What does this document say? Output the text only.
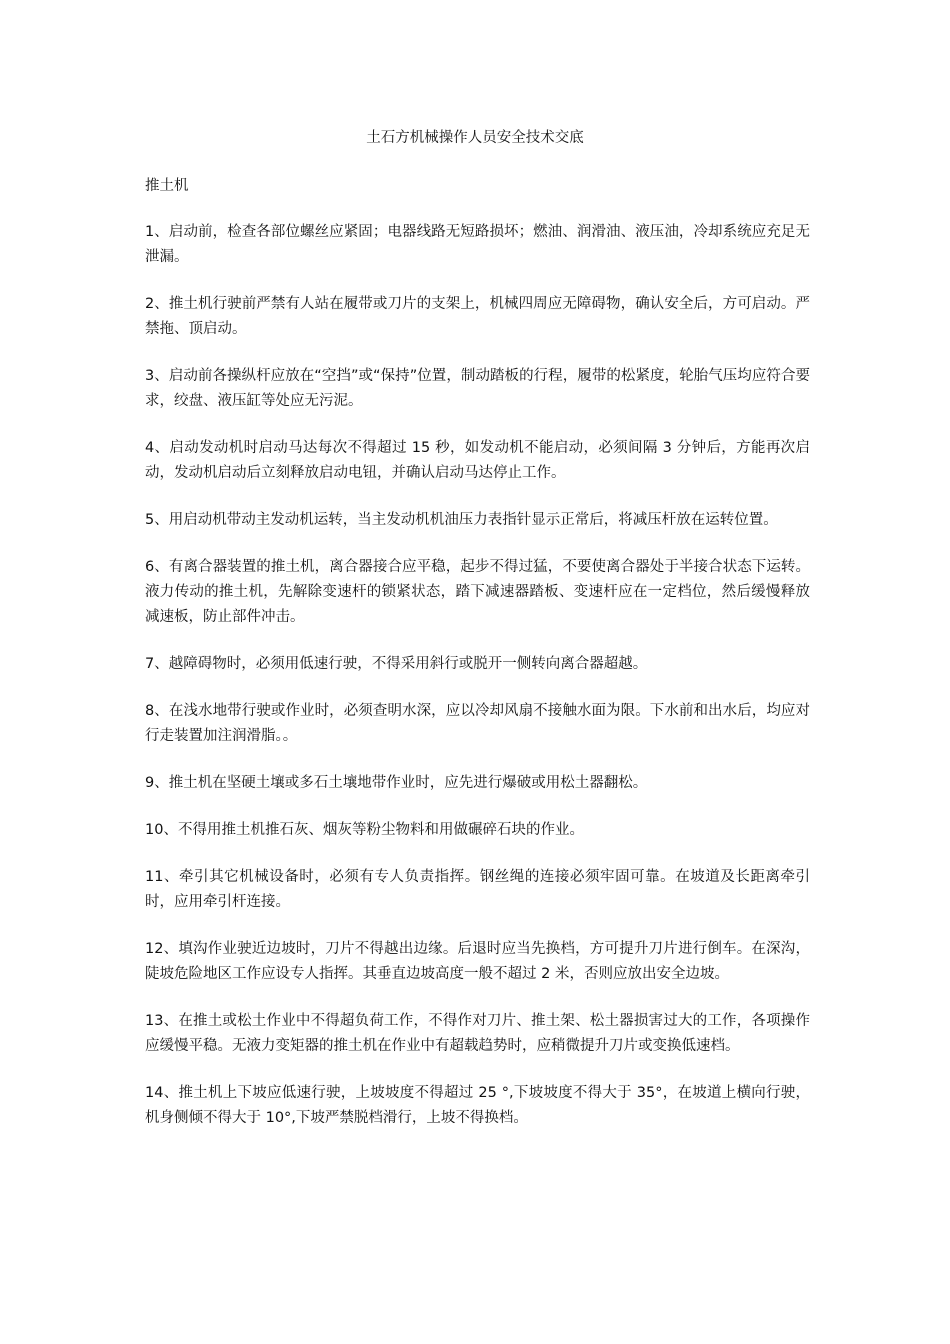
土石方机械操作人员安全技术交底
推土机
1、启动前，检查各部位螺丝应紧固；电器线路无短路损坏；燃油、润滑油、液压油，冷却系统应充足无泄漏。
2、推土机行驶前严禁有人站在履带或刀片的支架上，机械四周应无障碍物，确认安全后，方可启动。严禁拖、顶启动。
3、启动前各操纵杆应放在“空挡”或“保持”位置，制动踏板的行程，履带的松紧度，轮胎气压均应符合要求，绞盘、液压缸等处应无污泥。
4、启动发动机时启动马达每次不得超过 15 秒，如发动机不能启动，必须间隔 3 分钟后，方能再次启动，发动机启动后立刻释放启动电钮，并确认启动马达停止工作。
5、用启动机带动主发动机运转，当主发动机机油压力表指针显示正常后，将减压杆放在运转位置。
6、有离合器装置的推土机，离合器接合应平稳，起步不得过猛，不要使离合器处于半接合状态下运转。液力传动的推土机，先解除变速杆的锁紧状态，踏下减速器踏板、变速杆应在一定档位，然后缓慢释放减速板，防止部件冲击。
7、越障碍物时，必须用低速行驶，不得采用斜行或脱开一侧转向离合器超越。
8、在浅水地带行驶或作业时，必须查明水深，应以冷却风扇不接触水面为限。下水前和出水后，均应对行走装置加注润滑脂。。
9、推土机在坚硬土壤或多石土壤地带作业时，应先进行爆破或用松土器翻松。
10、不得用推土机推石灰、烟灰等粉尘物料和用做碾碎石块的作业。
11、牵引其它机械设备时，必须有专人负责指挥。钢丝绳的连接必须牢固可靠。在坡道及长距离牵引时，应用牵引杆连接。
12、填沟作业驶近边坡时，刀片不得越出边缘。后退时应当先换档，方可提升刀片进行倒车。在深沟，陡坡危险地区工作应设专人指挥。其垂直边坡高度一般不超过 2 米，否则应放出安全边坡。
13、在推土或松土作业中不得超负荷工作，不得作对刀片、推土架、松土器损害过大的工作，各项操作应缓慢平稳。无液力变矩器的推土机在作业中有超载趋势时，应稍微提升刀片或变换低速档。
14、推土机上下坡应低速行驶，上坡坡度不得超过 25 °,下坡坡度不得大于 35°，在坡道上横向行驶，机身侧倾不得大于 10°,下坡严禁脱档滑行，上坡不得换档。
